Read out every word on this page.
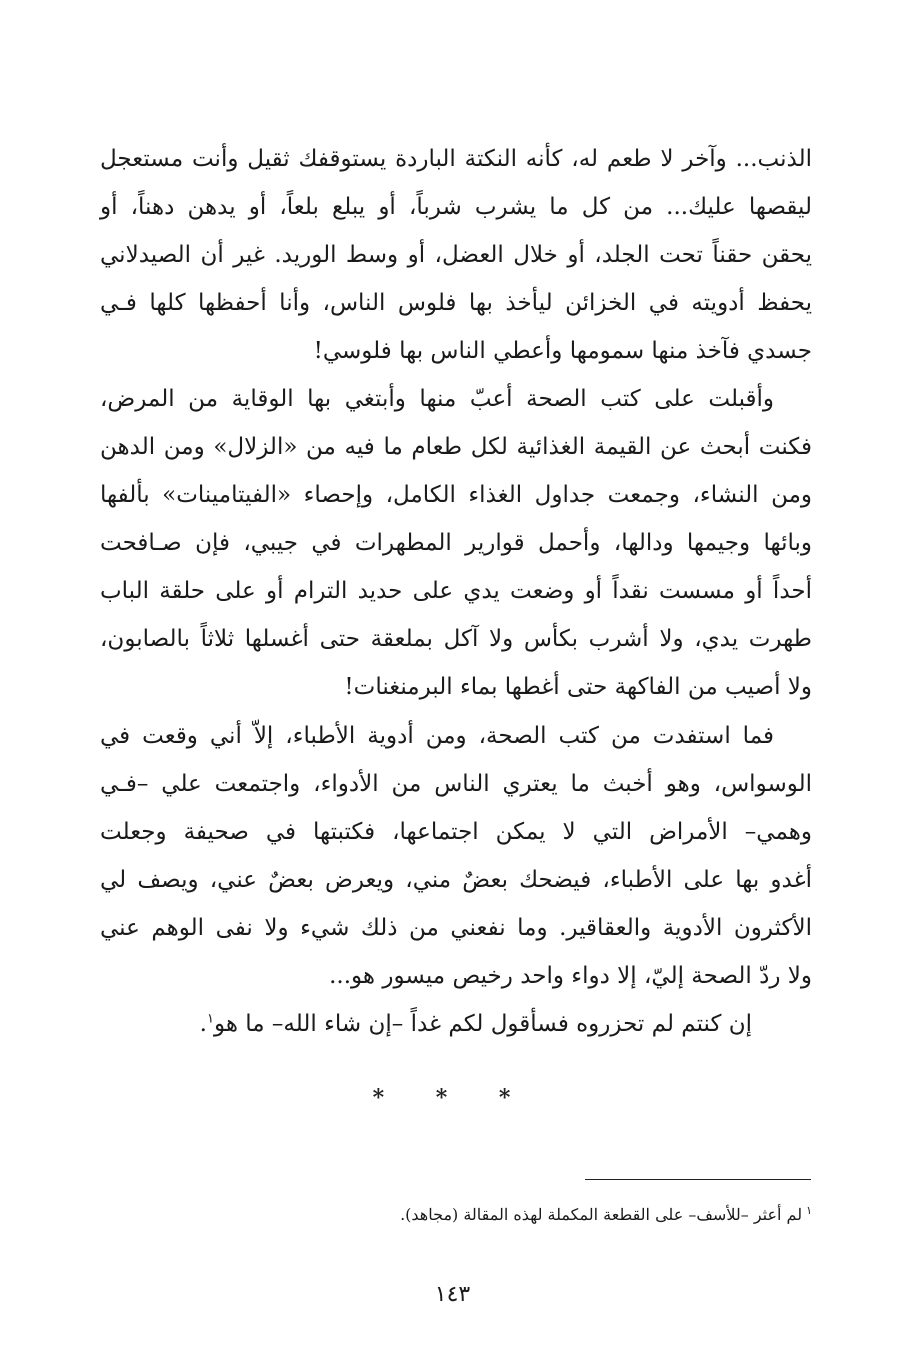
الذنب... وآخر لا طعم له، كأنه النكتة الباردة يستوقفك ثقيل وأنت مستعجل
ليقصها عليك... من كل ما يشرب شرباً، أو يبلع بلعاً، أو يدهن دهناً، أو
يحقن حقناً تحت الجلد، أو خلال العضل، أو وسط الوريد. غير أن الصيدلاني
يحفظ أدويته في الخزائن ليأخذ بها فلوس الناس، وأنا أحفظها كلها فـي
جسدي فآخذ منها سمومها وأعطي الناس بها فلوسي!
وأقبلت على كتب الصحة أعبّ منها وأبتغي بها الوقاية من المرض،
فكنت أبحث عن القيمة الغذائية لكل طعام ما فيه من «الزلال» ومن الدهن
ومن النشاء، وجمعت جداول الغذاء الكامل، وإحصاء «الفيتامينات» بألفها
وبائها وجيمها ودالها، وأحمل قوارير المطهرات في جيبي، فإن صـافحت
أحداً أو مسست نقداً أو وضعت يدي على حديد الترام أو على حلقة الباب
طهرت يدي، ولا أشرب بكأس ولا آكل بملعقة حتى أغسلها ثلاثاً بالصابون،
ولا أصيب من الفاكهة حتى أغطها بماء البرمنغنات!
فما استفدت من كتب الصحة، ومن أدوية الأطباء، إلاّ أني وقعت في
الوسواس، وهو أخبث ما يعتري الناس من الأدواء، واجتمعت علي –فـي
وهمي– الأمراض التي لا يمكن اجتماعها، فكتبتها في صحيفة وجعلت
أغدو بها على الأطباء، فيضحك بعضٌ مني، ويعرض بعضٌ عني، ويصف لي
الأكثرون الأدوية والعقاقير. وما نفعني من ذلك شيء ولا نفى الوهم عني
ولا ردّ الصحة إليّ، إلا دواء واحد رخيص ميسور هو...
إن كنتم لم تحزروه فسأقول لكم غداً –إن شاء الله– ما هو$^١$.
* * *
$^١$لم أعثر –للأسف– على القطعة المكملة لهذه المقالة (مجاهد).
١٤٣
